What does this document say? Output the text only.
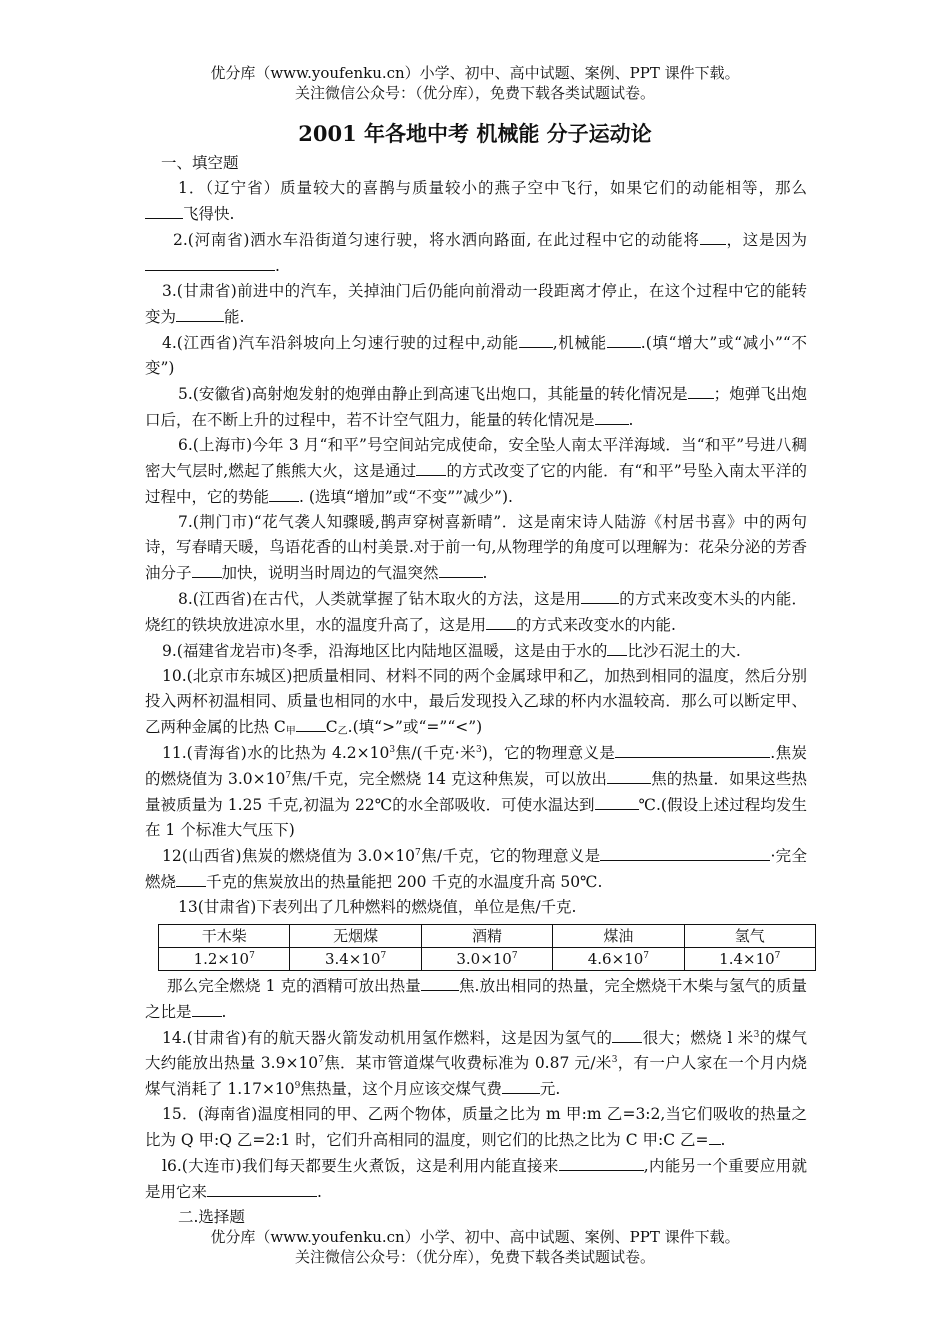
优分库（www.youfenku.cn）小学、初中、高中试题、案例、PPT 课件下载。
关注微信公众号：（优分库），免费下载各类试题试卷。
2001 年各地中考 机械能 分子运动论
一、填空题
1．（辽宁省）质量较大的喜鹊与质量较小的燕子空中飞行，如果它们的动能相等，那么飞得快.
2.(河南省)洒水车沿街道匀速行驶，将水洒向路面, 在此过程中它的动能将 ，这是因为.
3.(甘肃省)前进中的汽车，关掉油门后仍能向前滑动一段距离才停止，在这个过程中它的能转变为	能.
4.(江西省)汽车沿斜坡向上匀速行驶的过程中,动能 ,机械能 .(填“增大”或“减小”“不变”)
5.(安徽省)高射炮发射的炮弹由静止到高速飞出炮口，其能量的转化情况是 ；炮弹飞出炮口后，在不断上升的过程中，若不计空气阻力，能量的转化情况是 .
6.(上海市)今年 3 月“和平”号空间站完成使命，安全坠人南太平洋海域．当“和平”号进八稠密大气层时,燃起了熊熊大火，这是通过 的方式改变了它的内能．有“和平”号坠入南太平洋的过程中，它的势能 . (选填“增加”或“不变””减少”).
7.(荆门市)“花气袭人知骤暖,鹊声穿树喜新晴”．这是南宋诗人陆游《村居书喜》中的两句诗，写春晴天暖，鸟语花香的山村美景.对于前一句,从物理学的角度可以理解为：花朵分泌的芳香油分子 加快，说明当时周边的气温突然	.
8.(江西省)在古代，人类就掌握了钻木取火的方法，这是用 的方式来改变木头的内能．烧红的铁块放进凉水里，水的温度升高了，这是用 的方式来改变水的内能.
9.(福建省龙岩市)冬季，沿海地区比内陆地区温暖，这是由于水的 比沙石泥土的大.
10.(北京市东城区)把质量相同、材料不同的两个金属球甲和乙，加热到相同的温度，然后分别投入两杯初温相同、质量也相同的水中，最后发现投入乙球的杯内水温较高．那么可以断定甲、乙两种金属的比热 $C_甲$ $C_乙$.(填“>”或“=”“<”)
11.(青海省)水的比热为 $4.2\times 10^3$焦/(千克·米$^3$)，它的物理意义是	.焦炭的燃烧值为 $3.0\times 10^7$焦/千克，完全燃烧 14 克这种焦炭，可以放出	焦的热量．如果这些热量被质量为 1.25 千克,初温为 22℃的水全部吸收．可使水温达到	℃.(假设上述过程均发生在 1 个标准大气压下)
12(山西省)焦炭的燃烧值为 $3.0\times 10^7$焦/千克，它的物理意义是	·完全燃烧 千克的焦炭放出的热量能把 200 千克的水温度升高 50℃.
13(甘肃省)下表列出了几种燃料的燃烧值，单位是焦/千克.
干木柴	无烟煤	酒精	煤油	氢气
$1.2\times 10^7$	$3.4\times 10^7$	$3.0\times 10^7$	$4.6\times 10^7$	$1.4\times 10^7$
那么完全燃烧 1 克的酒精可放出热量 焦.放出相同的热量，完全燃烧干木柴与氢气的质量之比是 .
14.(甘肃省)有的航天器火箭发动机用氢作燃料，这是因为氢气的 很大；燃烧 l 米$^3$的煤气大约能放出热量 $3.9\times 10^7$焦．某市管道煤气收费标准为 0.87 元/米$^3$，有一户人家在一个月内烧煤气消耗了 $1.17\times 10^9$焦热量，这个月应该交煤气费 元.
15．(海南省)温度相同的甲、乙两个物体，质量之比为 m 甲:m 乙=3:2,当它们吸收的热量之比为 Q 甲:Q 乙=2:1 时，它们升高相同的温度，则它们的比热之比为 C 甲:C 乙= .
l6.(大连市)我们每天都要生火煮饭，这是利用内能直接来	,内能另一个重要应用就是用它来	.
二.选择题
优分库（www.youfenku.cn）小学、初中、高中试题、案例、PPT 课件下载。
关注微信公众号：（优分库），免费下载各类试题试卷。
